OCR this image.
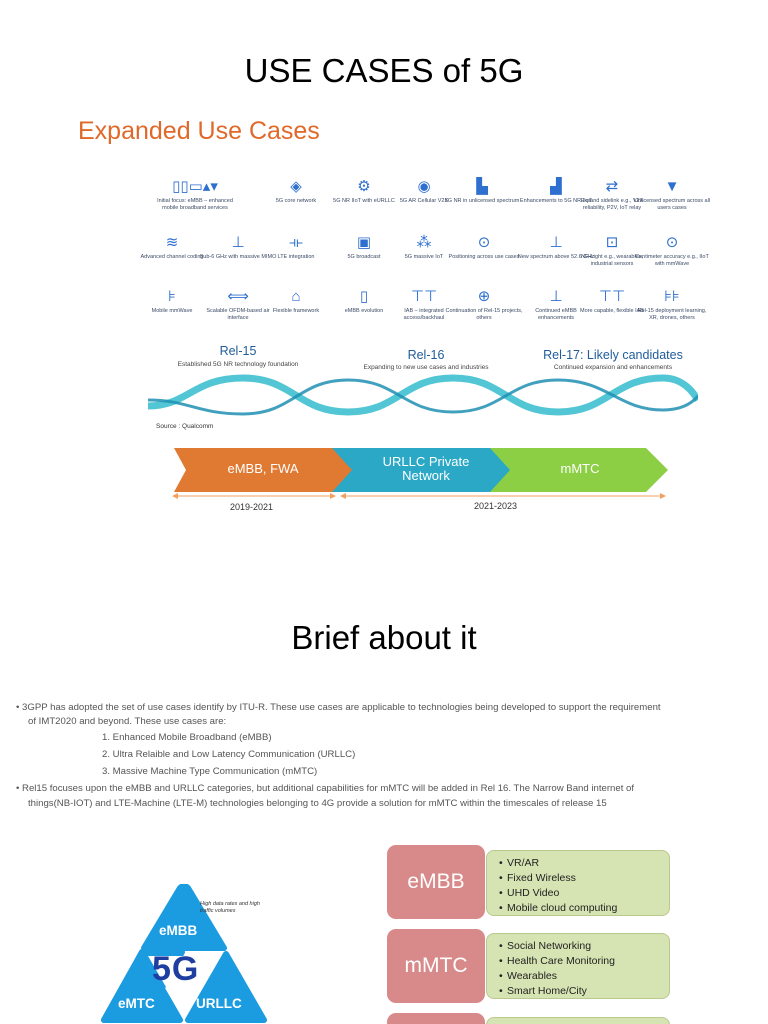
USE CASES of 5G
Expanded Use Cases
▯▯▭▴▾
Initial focus: eMBB – enhanced mobile broadband services
◈
5G core network
⚙
5G NR IIoT with eURLLC
◉
5G AR Cellular V2X
▙
5G NR in unlicensed spectrum
▟
Enhancements to 5G NR IIoT
⇄
Expand sidelink e.g., V2X reliability, P2V, IoT relay
▼
Unlicensed spectrum across all users cases
≋
Advanced channel coding
⊥
Sub-6 GHz with massive MIMO
⟛
LTE integration
▣
5G broadcast
⁂
5G massive IoT
⊙
Positioning across use cases
⊥
New spectrum above 52.6 GHz
⊡
NR-Light e.g., wearables, industrial sensors
⊙
Centimeter accuracy e.g., IIoT with mmWave
⊧
Mobile mmWave
⟺
Scalable OFDM-based air interface
⌂
Flexible framework
▯
eMBB evolution
⊤⊤
IAB – integrated access/backhaul
⊕
Continuation of Rel-15 projects, others
⊥
Continued eMBB enhancements
⊤⊤
More capable, flexible IAB
⊧⊧
Rel-15 deployment learning, XR, drones, others
Rel-15
Established 5G NR technology foundation
Rel-16
Expanding to new use cases and industries
Rel-17: Likely candidates
Continued expansion and enhancements
Source : Qualcomm
eMBB, FWA	URLLC Private Network	mMTC
2019-2021	2021-2023
Brief about it
• 3GPP has adopted the set of use cases identify by ITU-R. These use cases are applicable to technologies being developed to support the requirement
of IMT2020 and beyond. These use cases are:
1. Enhanced Mobile Broadband (eMBB)
2. Ultra Relaible and Low Latency Communication (URLLC)
3. Massive Machine Type Communication (mMTC)
• Rel15 focuses upon the eMBB and URLLC categories, but additional capabilities for mMTC will be added in Rel 16. The Narrow Band internet of
things(NB-IOT) and LTE-Machine (LTE-M) technologies belonging to 4G provide a solution for mMTC within the timescales of release 15
High data rates and high traffic volumes
eMBB
5G
eMTC	URLLC
eMBB
• VR/AR
• Fixed Wireless
• UHD Video
• Mobile cloud computing
mMTC
• Social Networking
• Health Care Monitoring
• Wearables
• Smart Home/City
